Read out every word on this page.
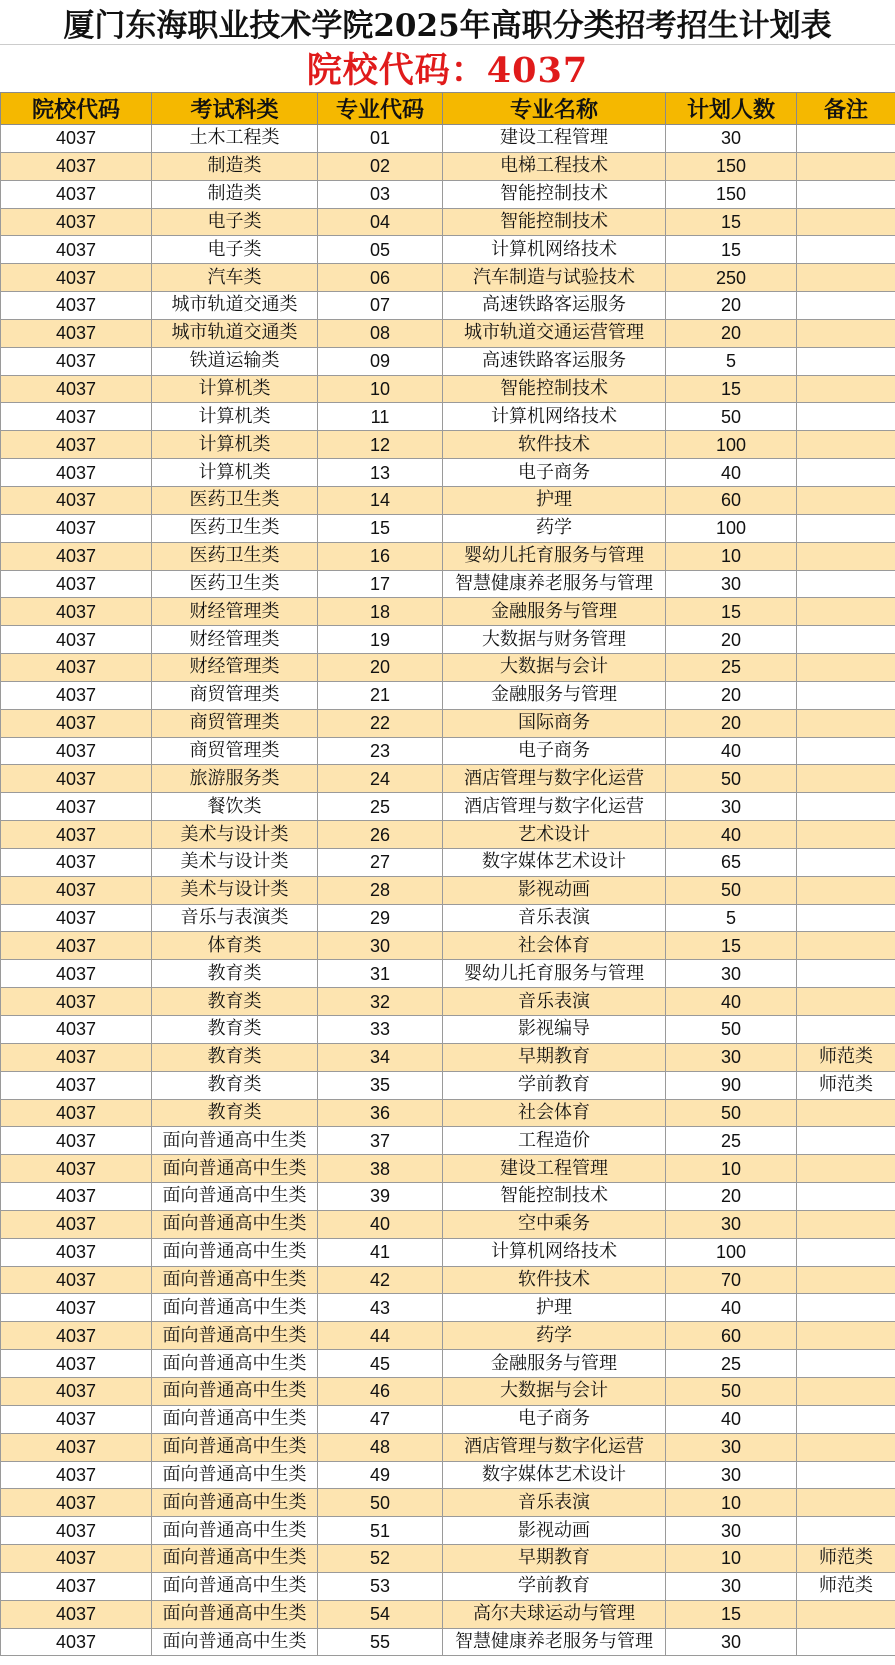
厦门东海职业技术学院2025年高职分类招考招生计划表
院校代码：4037
院校代码	考试科类	专业代码	专业名称	计划人数	备注
4037	土木工程类	01	建设工程管理	30	
4037	制造类	02	电梯工程技术	150	
4037	制造类	03	智能控制技术	150	
4037	电子类	04	智能控制技术	15	
4037	电子类	05	计算机网络技术	15	
4037	汽车类	06	汽车制造与试验技术	250	
4037	城市轨道交通类	07	高速铁路客运服务	20	
4037	城市轨道交通类	08	城市轨道交通运营管理	20	
4037	铁道运输类	09	高速铁路客运服务	5	
4037	计算机类	10	智能控制技术	15	
4037	计算机类	11	计算机网络技术	50	
4037	计算机类	12	软件技术	100	
4037	计算机类	13	电子商务	40	
4037	医药卫生类	14	护理	60	
4037	医药卫生类	15	药学	100	
4037	医药卫生类	16	婴幼儿托育服务与管理	10	
4037	医药卫生类	17	智慧健康养老服务与管理	30	
4037	财经管理类	18	金融服务与管理	15	
4037	财经管理类	19	大数据与财务管理	20	
4037	财经管理类	20	大数据与会计	25	
4037	商贸管理类	21	金融服务与管理	20	
4037	商贸管理类	22	国际商务	20	
4037	商贸管理类	23	电子商务	40	
4037	旅游服务类	24	酒店管理与数字化运营	50	
4037	餐饮类	25	酒店管理与数字化运营	30	
4037	美术与设计类	26	艺术设计	40	
4037	美术与设计类	27	数字媒体艺术设计	65	
4037	美术与设计类	28	影视动画	50	
4037	音乐与表演类	29	音乐表演	5	
4037	体育类	30	社会体育	15	
4037	教育类	31	婴幼儿托育服务与管理	30	
4037	教育类	32	音乐表演	40	
4037	教育类	33	影视编导	50	
4037	教育类	34	早期教育	30	师范类
4037	教育类	35	学前教育	90	师范类
4037	教育类	36	社会体育	50	
4037	面向普通高中生类	37	工程造价	25	
4037	面向普通高中生类	38	建设工程管理	10	
4037	面向普通高中生类	39	智能控制技术	20	
4037	面向普通高中生类	40	空中乘务	30	
4037	面向普通高中生类	41	计算机网络技术	100	
4037	面向普通高中生类	42	软件技术	70	
4037	面向普通高中生类	43	护理	40	
4037	面向普通高中生类	44	药学	60	
4037	面向普通高中生类	45	金融服务与管理	25	
4037	面向普通高中生类	46	大数据与会计	50	
4037	面向普通高中生类	47	电子商务	40	
4037	面向普通高中生类	48	酒店管理与数字化运营	30	
4037	面向普通高中生类	49	数字媒体艺术设计	30	
4037	面向普通高中生类	50	音乐表演	10	
4037	面向普通高中生类	51	影视动画	30	
4037	面向普通高中生类	52	早期教育	10	师范类
4037	面向普通高中生类	53	学前教育	30	师范类
4037	面向普通高中生类	54	高尔夫球运动与管理	15	
4037	面向普通高中生类	55	智慧健康养老服务与管理	30	
